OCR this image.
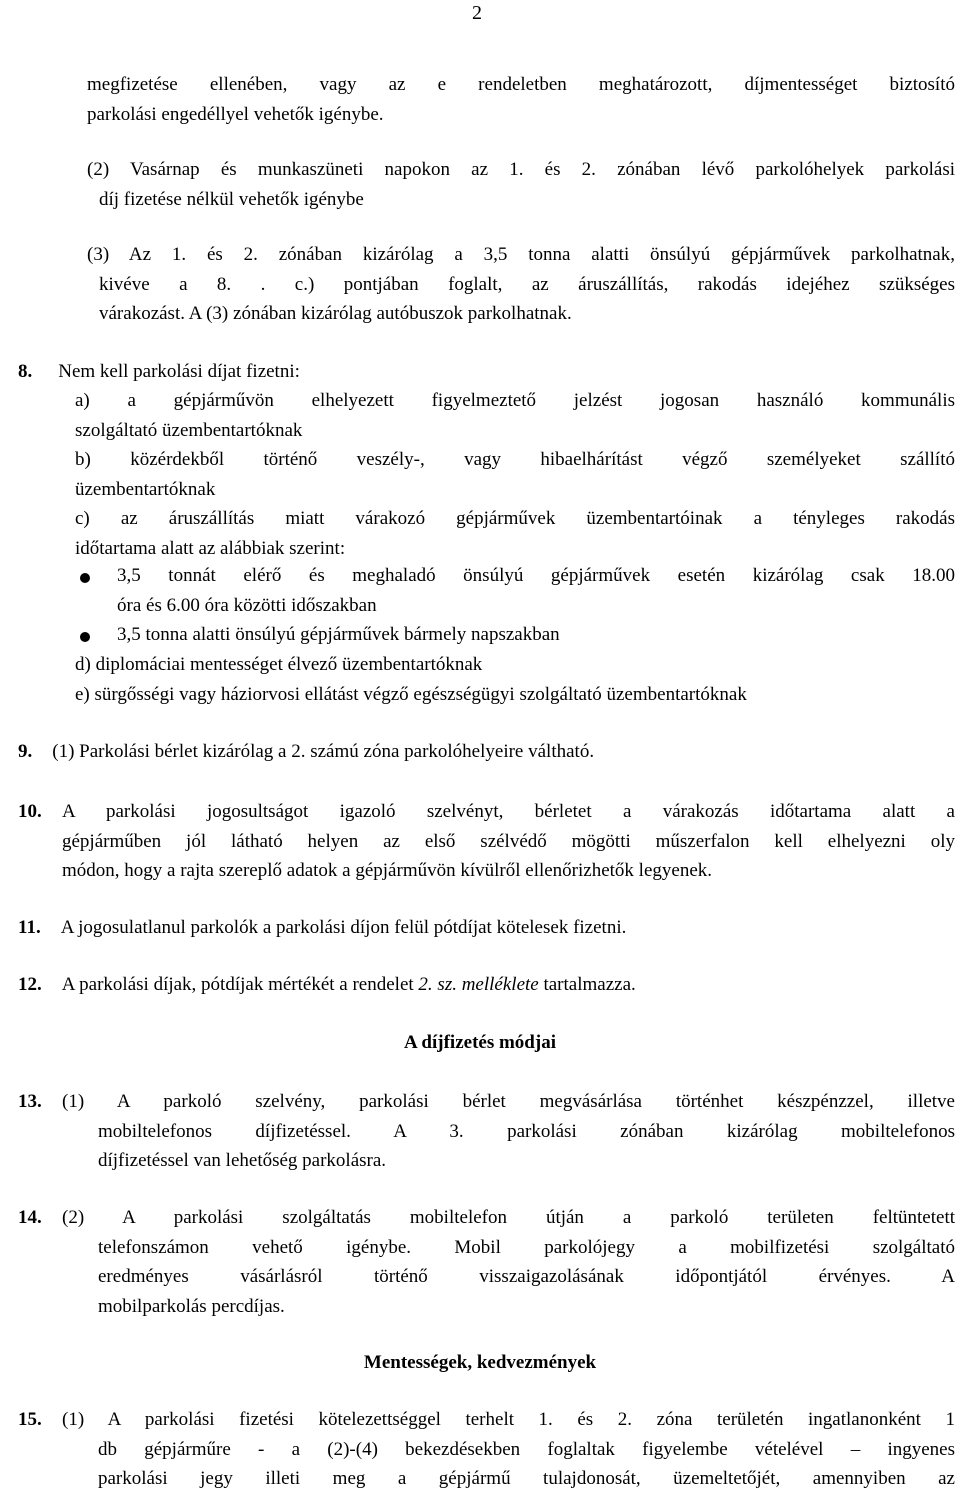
2
megfizetése ellenében, vagy az e rendeletben meghatározott, díjmentességet biztosító
parkolási engedéllyel vehetők igénybe.
(2) Vasárnap és munkaszüneti napokon az 1. és 2. zónában lévő parkolóhelyek parkolási
díj fizetése nélkül vehetők igénybe
(3) Az 1. és 2. zónában kizárólag a 3,5 tonna alatti önsúlyú gépjárművek parkolhatnak,
kivéve a 8. . c.) pontjában foglalt, az áruszállítás, rakodás idejéhez szükséges
várakozást. A (3) zónában kizárólag autóbuszok parkolhatnak.
8. Nem kell parkolási díjat fizetni:
a) a gépjárművön elhelyezett figyelmeztető jelzést jogosan használó kommunális
szolgáltató üzembentartóknak
b) közérdekből történő veszély-, vagy hibaelhárítást végző személyeket szállító
üzembentartóknak
c) az áruszállítás miatt várakozó gépjárművek üzembentartóinak a tényleges rakodás
időtartama alatt az alábbiak szerint:
3,5 tonnát elérő és meghaladó önsúlyú gépjárművek esetén kizárólag csak 18.00
óra és 6.00 óra közötti időszakban
3,5 tonna alatti önsúlyú gépjárművek bármely napszakban
d) diplomáciai mentességet élvező üzembentartóknak
e) sürgősségi vagy háziorvosi ellátást végző egészségügyi szolgáltató üzembentartóknak
9. (1) Parkolási bérlet kizárólag a 2. számú zóna parkolóhelyeire váltható.
10. A parkolási jogosultságot igazoló szelvényt, bérletet a várakozás időtartama alatt a
gépjárműben jól látható helyen az első szélvédő mögötti műszerfalon kell elhelyezni oly
módon, hogy a rajta szereplő adatok a gépjárművön kívülről ellenőrizhetők legyenek.
11. A jogosulatlanul parkolók a parkolási díjon felül pótdíjat kötelesek fizetni.
12. A parkolási díjak, pótdíjak mértékét a rendelet 2. sz. melléklete tartalmazza.
A díjfizetés módjai
13. (1) A parkoló szelvény, parkolási bérlet megvásárlása történhet készpénzzel, illetve
mobiltelefonos díjfizetéssel. A 3. parkolási zónában kizárólag mobiltelefonos
díjfizetéssel van lehetőség parkolásra.
14. (2) A parkolási szolgáltatás mobiltelefon útján a parkoló területen feltüntetett
telefonszámon vehető igénybe. Mobil parkolójegy a mobilfizetési szolgáltató
eredményes vásárlásról történő visszaigazolásának időpontjától érvényes. A
mobilparkolás percdíjas.
Mentességek, kedvezmények
15. (1) A parkolási fizetési kötelezettséggel terhelt 1. és 2. zóna területén ingatlanonként 1
db gépjárműre - a (2)-(4) bekezdésekben foglaltak figyelembe vételével – ingyenes
parkolási jegy illeti meg a gépjármű tulajdonosát, üzemeltetőjét, amennyiben az
